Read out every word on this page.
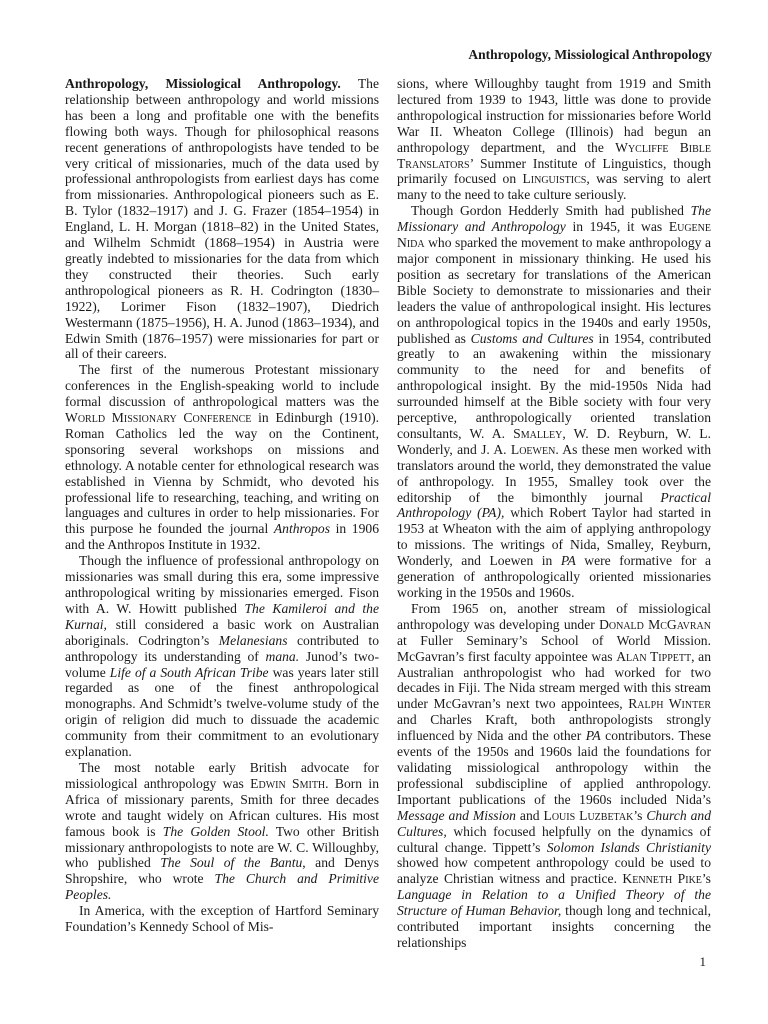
Anthropology, Missiological Anthropology

Anthropology, Missiological Anthropology. The relationship between anthropology and world missions has been a long and profitable one with the benefits flowing both ways. Though for philosophical reasons recent generations of anthropologists have tended to be very critical of missionaries, much of the data used by professional anthropologists from earliest days has come from missionaries. Anthropological pioneers such as E. B. Tylor (1832–1917) and J. G. Frazer (1854–1954) in England, L. H. Morgan (1818–82) in the United States, and Wilhelm Schmidt (1868–1954) in Austria were greatly indebted to missionaries for the data from which they constructed their theories. Such early anthropological pioneers as R. H. Codrington (1830–1922), Lorimer Fison (1832–1907), Diedrich Westermann (1875–1956), H. A. Junod (1863–1934), and Edwin Smith (1876–1957) were missionaries for part or all of their careers.

The first of the numerous Protestant missionary conferences in the English-speaking world to include formal discussion of anthropological matters was the World Missionary Conference in Edinburgh (1910). Roman Catholics led the way on the Continent, sponsoring several workshops on missions and ethnology. A notable center for ethnological research was established in Vienna by Schmidt, who devoted his professional life to researching, teaching, and writing on languages and cultures in order to help missionaries. For this purpose he founded the journal Anthropos in 1906 and the Anthropos Institute in 1932.

Though the influence of professional anthropology on missionaries was small during this era, some impressive anthropological writing by missionaries emerged. Fison with A. W. Howitt published The Kamileroi and the Kurnai, still considered a basic work on Australian aboriginals. Codrington’s Melanesians contributed to anthropology its understanding of mana. Junod’s two-volume Life of a South African Tribe was years later still regarded as one of the finest anthropological monographs. And Schmidt’s twelve-volume study of the origin of religion did much to dissuade the academic community from their commitment to an evolutionary explanation.

The most notable early British advocate for missiological anthropology was Edwin Smith. Born in Africa of missionary parents, Smith for three decades wrote and taught widely on African cultures. His most famous book is The Golden Stool. Two other British missionary anthropologists to note are W. C. Willoughby, who published The Soul of the Bantu, and Denys Shropshire, who wrote The Church and Primitive Peoples.

In America, with the exception of Hartford Seminary Foundation’s Kennedy School of Mis-

sions, where Willoughby taught from 1919 and Smith lectured from 1939 to 1943, little was done to provide anthropological instruction for missionaries before World War II. Wheaton College (Illinois) had begun an anthropology department, and the Wycliffe Bible Translators’ Summer Institute of Linguistics, though primarily focused on Linguistics, was serving to alert many to the need to take culture seriously.

Though Gordon Hedderly Smith had published The Missionary and Anthropology in 1945, it was Eugene Nida who sparked the movement to make anthropology a major component in missionary thinking. He used his position as secretary for translations of the American Bible Society to demonstrate to missionaries and their leaders the value of anthropological insight. His lectures on anthropological topics in the 1940s and early 1950s, published as Customs and Cultures in 1954, contributed greatly to an awakening within the missionary community to the need for and benefits of anthropological insight. By the mid-1950s Nida had surrounded himself at the Bible society with four very perceptive, anthropologically oriented translation consultants, W. A. Smalley, W. D. Reyburn, W. L. Wonderly, and J. A. Loewen. As these men worked with translators around the world, they demonstrated the value of anthropology. In 1955, Smalley took over the editorship of the bimonthly journal Practical Anthropology (PA), which Robert Taylor had started in 1953 at Wheaton with the aim of applying anthropology to missions. The writings of Nida, Smalley, Reyburn, Wonderly, and Loewen in PA were formative for a generation of anthropologically oriented missionaries working in the 1950s and 1960s.

From 1965 on, another stream of missiological anthropology was developing under Donald McGavran at Fuller Seminary’s School of World Mission. McGavran’s first faculty appointee was Alan Tippett, an Australian anthropologist who had worked for two decades in Fiji. The Nida stream merged with this stream under McGavran’s next two appointees, Ralph Winter and Charles Kraft, both anthropologists strongly influenced by Nida and the other PA contributors. These events of the 1950s and 1960s laid the foundations for validating missiological anthropology within the professional subdiscipline of applied anthropology. Important publications of the 1960s included Nida’s Message and Mission and Louis Luzbetak’s Church and Cultures, which focused helpfully on the dynamics of cultural change. Tippett’s Solomon Islands Christianity showed how competent anthropology could be used to analyze Christian witness and practice. Kenneth Pike’s Language in Relation to a Unified Theory of the Structure of Human Behavior, though long and technical, contributed important insights concerning the relationships

1
